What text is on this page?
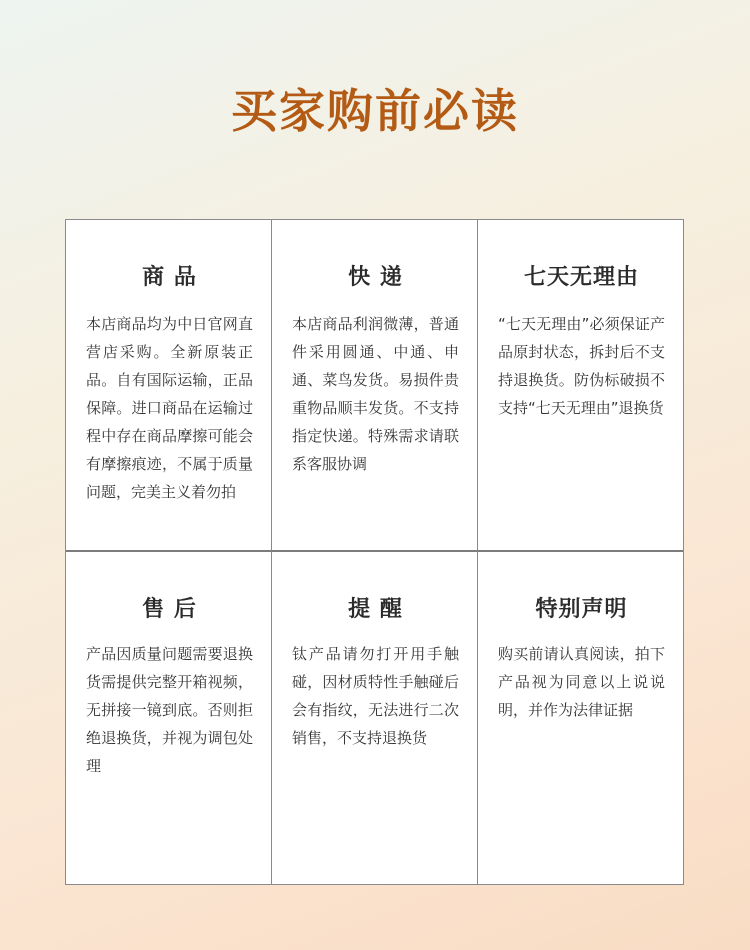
买家购前必读
商 品
本店商品均为中日官网直营店采购。全新原装正品。自有国际运输，正品保障。进口商品在运输过程中存在商品摩擦可能会有摩擦痕迹，不属于质量问题，完美主义着勿拍
快 递
本店商品利润微薄，普通件采用圆通、中通、申通、菜鸟发货。易损件贵重物品顺丰发货。不支持指定快递。特殊需求请联系客服协调
七天无理由
“七天无理由”必须保证产品原封状态，拆封后不支持退换货。防伪标破损不支持“七天无理由”退换货
售 后
产品因质量问题需要退换货需提供完整开箱视频，无拼接一镜到底。否则拒绝退换货，并视为调包处理
提 醒
钛产品请勿打开用手触碰，因材质特性手触碰后会有指纹，无法进行二次销售，不支持退换货
特别声明
购买前请认真阅读，拍下产品视为同意以上说说明，并作为法律证据
